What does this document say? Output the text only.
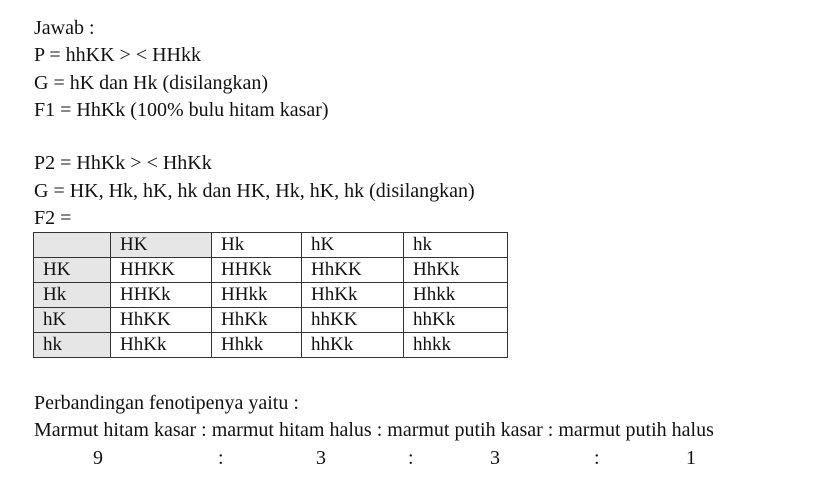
Jawab :
P = hhKK > < HHkk
G = hK dan Hk (disilangkan)
F1 = HhKk (100% bulu hitam kasar)
P2 = HhKk > < HhKk
G = HK, Hk, hK, hk dan HK, Hk, hK, hk (disilangkan)
F2 =
	HK	Hk	hK	hk
HK	HHKK	HHKk	HhKK	HhKk
Hk	HHKk	HHkk	HhKk	Hhkk
hK	HhKK	HhKk	hhKK	hhKk
hk	HhKk	Hhkk	hhKk	hhkk
Perbandingan fenotipenya yaitu :
Marmut hitam kasar : marmut hitam halus : marmut putih kasar : marmut putih halus
9	:	3	:	3	:	1
